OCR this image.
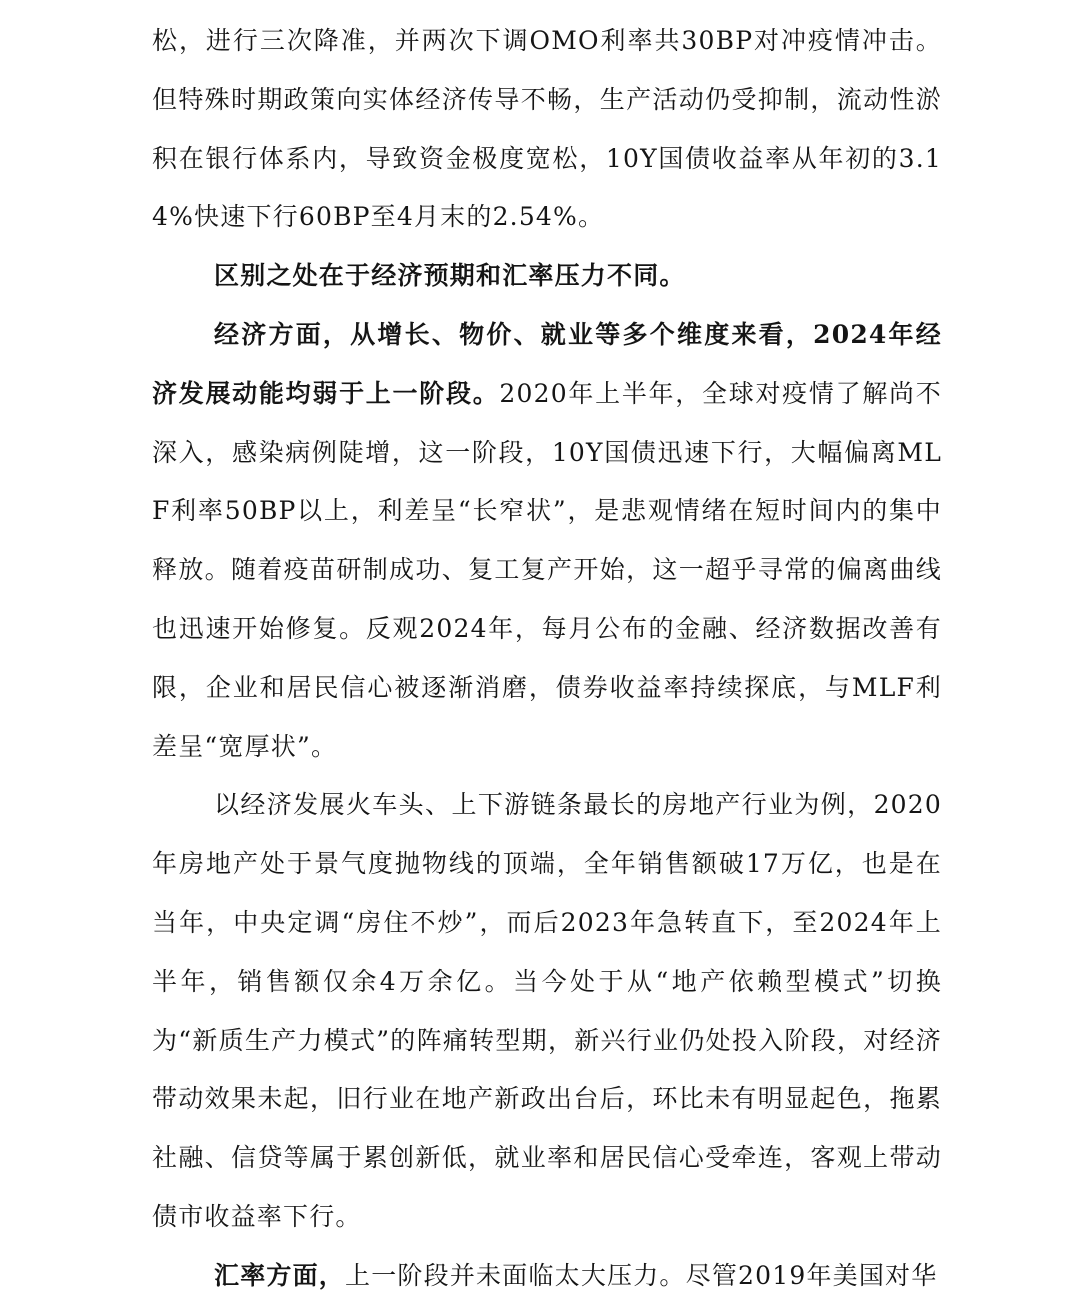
松，进行三次降准，并两次下调OMO利率共30BP对冲疫情冲击。但特殊时期政策向实体经济传导不畅，生产活动仍受抑制，流动性淤积在银行体系内，导致资金极度宽松，10Y国债收益率从年初的3.14%快速下行60BP至4月末的2.54%。

区别之处在于经济预期和汇率压力不同。

经济方面，从增长、物价、就业等多个维度来看，2024年经济发展动能均弱于上一阶段。2020年上半年，全球对疫情了解尚不深入，感染病例陡增，这一阶段，10Y国债迅速下行，大幅偏离MLF利率50BP以上，利差呈“长窄状”，是悲观情绪在短时间内的集中释放。随着疫苗研制成功、复工复产开始，这一超乎寻常的偏离曲线也迅速开始修复。反观2024年，每月公布的金融、经济数据改善有限，企业和居民信心被逐渐消磨，债券收益率持续探底，与MLF利差呈“宽厚状”。

以经济发展火车头、上下游链条最长的房地产行业为例，2020年房地产处于景气度抛物线的顶端，全年销售额破17万亿，也是在当年，中央定调“房住不炒”，而后2023年急转直下，至2024年上半年，销售额仅余4万余亿。当今处于从“地产依赖型模式”切换为“新质生产力模式”的阵痛转型期，新兴行业仍处投入阶段，对经济带动效果未起，旧行业在地产新政出台后，环比未有明显起色，拖累社融、信贷等属于累创新低，就业率和居民信心受牵连，客观上带动债市收益率下行。

汇率方面，上一阶段并未面临太大压力。尽管2019年美国对华
